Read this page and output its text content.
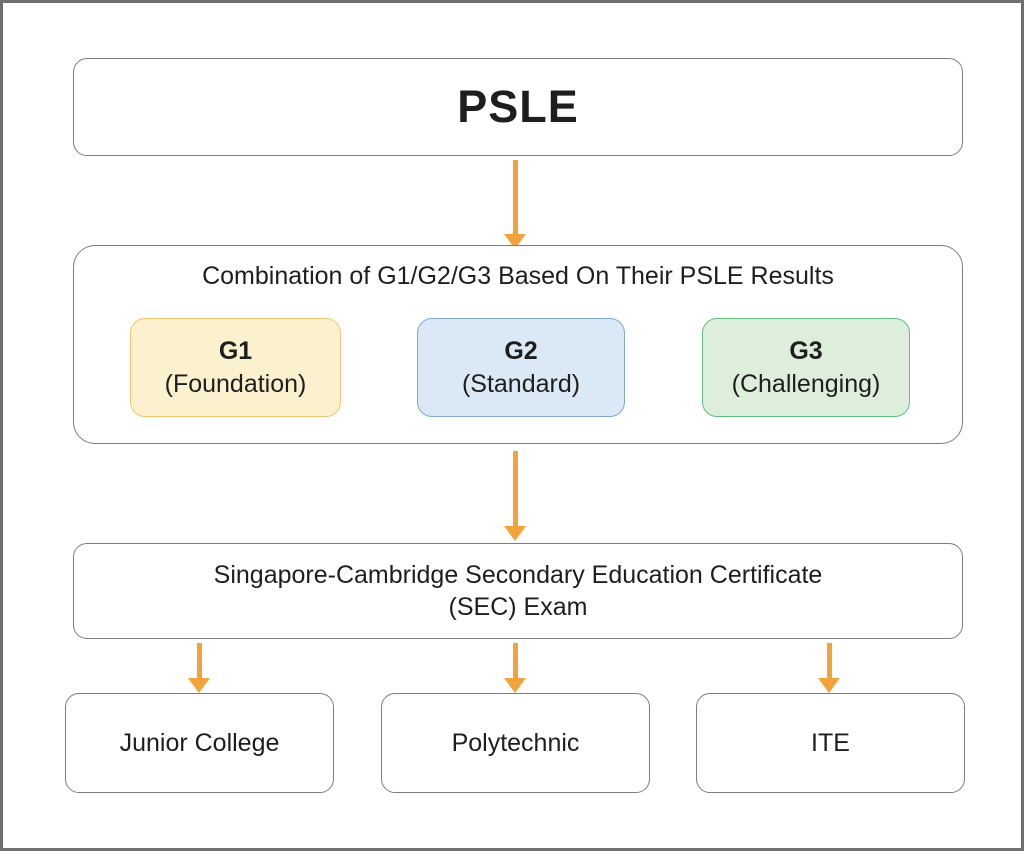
PSLE
Combination of G1/G2/G3 Based On Their PSLE Results
G1
(Foundation)
G2
(Standard)
G3
(Challenging)
Singapore-Cambridge Secondary Education Certificate
(SEC) Exam
Junior College	Polytechnic	ITE
